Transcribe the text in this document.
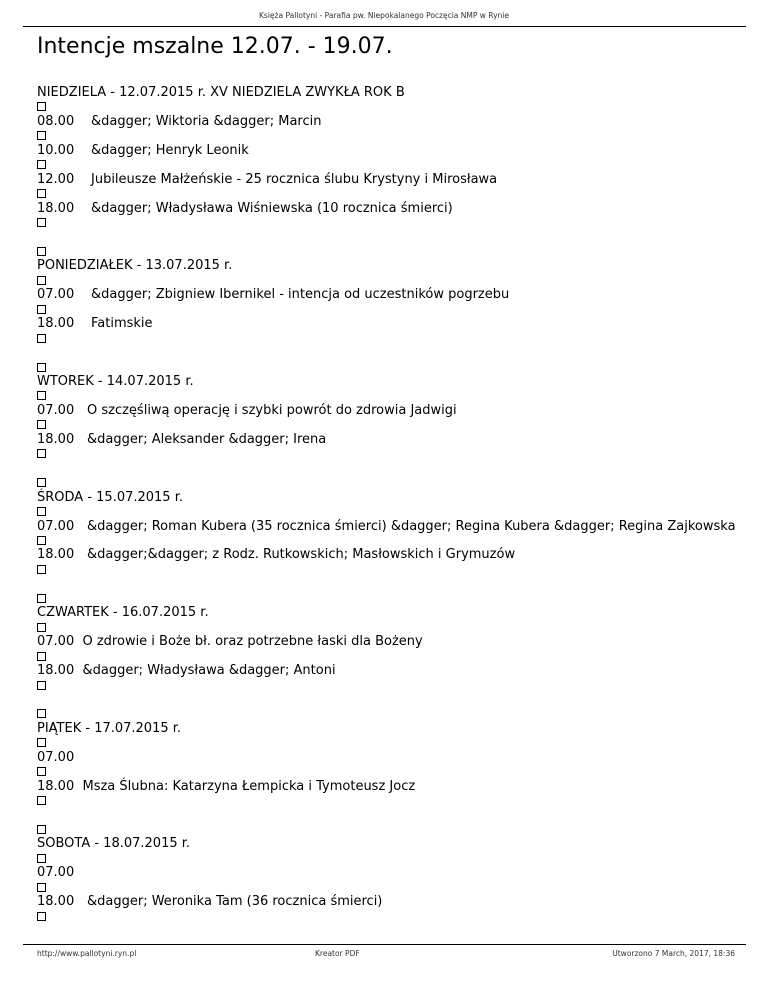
Księża Pallotyni - Parafia pw. Niepokalanego Poczęcia NMP w Rynie
Intencje mszalne 12.07. - 19.07.
NIEDZIELA - 12.07.2015 r. XV NIEDZIELA ZWYKŁA ROK B
08.00 &dagger; Wiktoria &dagger; Marcin
10.00 &dagger; Henryk Leonik
12.00 Jubileusze Małżeńskie - 25 rocznica ślubu Krystyny i Mirosława
18.00 &dagger; Władysława Wiśniewska (10 rocznica śmierci)
PONIEDZIAŁEK - 13.07.2015 r.
07.00 &dagger; Zbigniew Ibernikel - intencja od uczestników pogrzebu
18.00 Fatimskie
WTOREK - 14.07.2015 r.
07.00 O szczęśliwą operację i szybki powrót do zdrowia Jadwigi
18.00 &dagger; Aleksander &dagger; Irena
ŚRODA - 15.07.2015 r.
07.00 &dagger; Roman Kubera (35 rocznica śmierci) &dagger; Regina Kubera &dagger; Regina Zajkowska
18.00 &dagger;&dagger; z Rodz. Rutkowskich; Masłowskich i Grymuzów
CZWARTEK - 16.07.2015 r.
07.00 O zdrowie i Boże bł. oraz potrzebne łaski dla Bożeny
18.00 &dagger; Władysława &dagger; Antoni
PIĄTEK - 17.07.2015 r.
07.00
18.00 Msza Ślubna: Katarzyna Łempicka i Tymoteusz Jocz
SOBOTA - 18.07.2015 r.
07.00
18.00 &dagger; Weronika Tam (36 rocznica śmierci)
http://www.pallotyni.ryn.pl	Kreator PDF	Utworzono 7 March, 2017, 18:36
